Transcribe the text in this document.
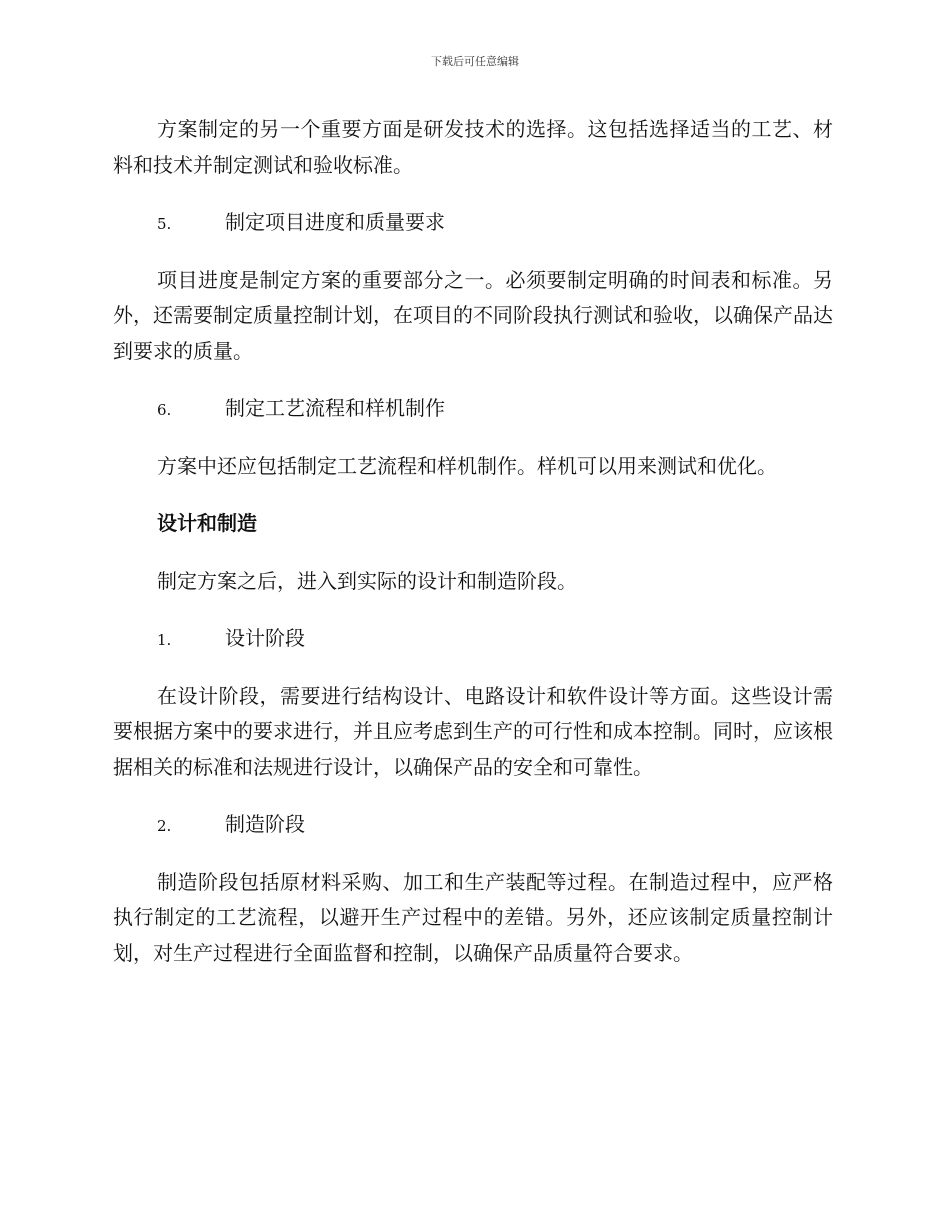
下载后可任意编辑

方案制定的另一个重要方面是研发技术的选择。这包括选择适当的工艺、材料和技术并制定测试和验收标准。

5.	制定项目进度和质量要求

项目进度是制定方案的重要部分之一。必须要制定明确的时间表和标准。另外，还需要制定质量控制计划，在项目的不同阶段执行测试和验收，以确保产品达到要求的质量。

6.	制定工艺流程和样机制作

方案中还应包括制定工艺流程和样机制作。样机可以用来测试和优化。

设计和制造

制定方案之后，进入到实际的设计和制造阶段。

1.	设计阶段

在设计阶段，需要进行结构设计、电路设计和软件设计等方面。这些设计需要根据方案中的要求进行，并且应考虑到生产的可行性和成本控制。同时，应该根据相关的标准和法规进行设计，以确保产品的安全和可靠性。

2.	制造阶段

制造阶段包括原材料采购、加工和生产装配等过程。在制造过程中，应严格执行制定的工艺流程，以避开生产过程中的差错。另外，还应该制定质量控制计划，对生产过程进行全面监督和控制，以确保产品质量符合要求。
